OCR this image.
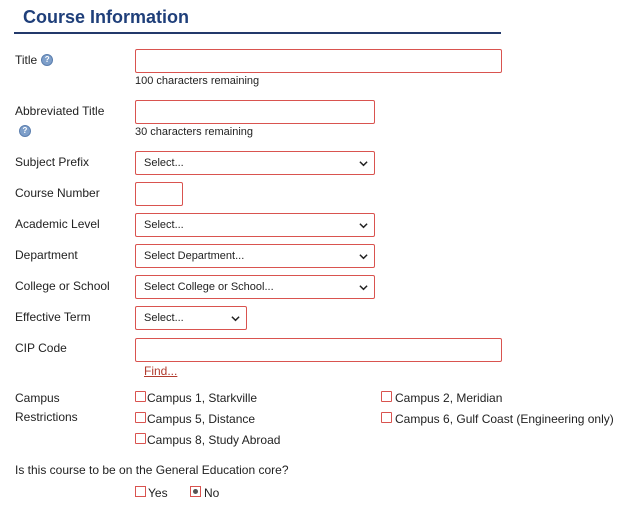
Course Information
Title ?
100 characters remaining
Abbreviated Title
?	30 characters remaining
Subject Prefix	Select...
Course Number
Academic Level	Select...
Department	Select Department...
College or School	Select College or School...
Effective Term	Select...
CIP Code
Find...
Campus
Restrictions
Campus 1, Starkville	Campus 2, Meridian
Campus 5, Distance	Campus 6, Gulf Coast (Engineering only)
Campus 8, Study Abroad
Is this course to be on the General Education core?
Yes	No
